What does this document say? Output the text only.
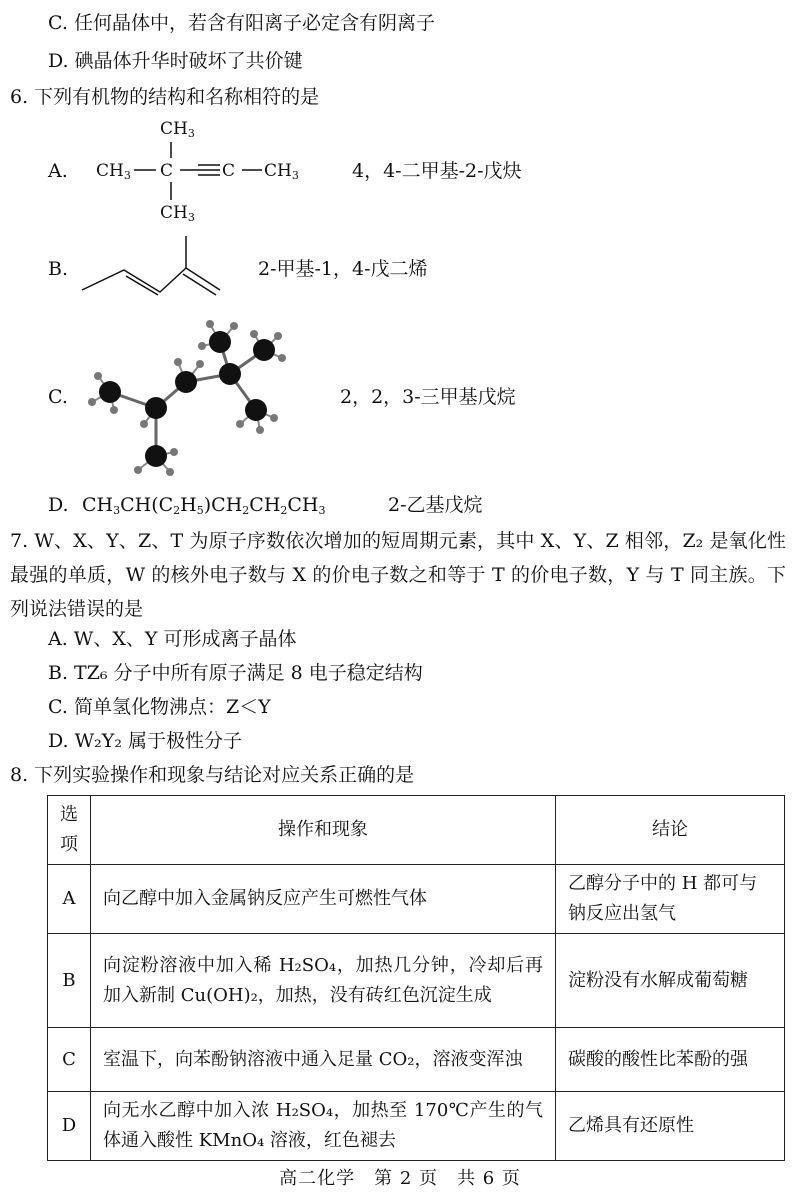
C. 任何晶体中，若含有阳离子必定含有阴离子
D. 碘晶体升华时破坏了共价键
6. 下列有机物的结构和名称相符的是
A.
CH3
CH3 C	C CH3
CH3
4，4-二甲基-2-戊炔
B.	2-甲基-1，4-戊二烯
C.	2，2，3-三甲基戊烷
D. $CH_3CH(C_2H_5)CH_2CH_2CH_3$	2-乙基戊烷
7. W、X、Y、Z、T 为原子序数依次增加的短周期元素，其中 X、Y、Z 相邻，Z₂ 是氧化性最强的单质，W 的核外电子数与 X 的价电子数之和等于 T 的价电子数，Y 与 T 同主族。下列说法错误的是
A. W、X、Y 可形成离子晶体
B. TZ₆ 分子中所有原子满足 8 电子稳定结构
C. 简单氢化物沸点：Z＜Y
D. W₂Y₂ 属于极性分子
8. 下列实验操作和现象与结论对应关系正确的是
选项	操作和现象	结论
A	向乙醇中加入金属钠反应产生可燃性气体	乙醇分子中的 H 都可与钠反应出氢气
B	向淀粉溶液中加入稀 H₂SO₄，加热几分钟，冷却后再加入新制 Cu(OH)₂，加热，没有砖红色沉淀生成	淀粉没有水解成葡萄糖
C	室温下，向苯酚钠溶液中通入足量 CO₂，溶液变浑浊	碳酸的酸性比苯酚的强
D	向无水乙醇中加入浓 H₂SO₄，加热至 170℃产生的气体通入酸性 KMnO₄ 溶液，红色褪去	乙烯具有还原性
高二化学　第 2 页　共 6 页
